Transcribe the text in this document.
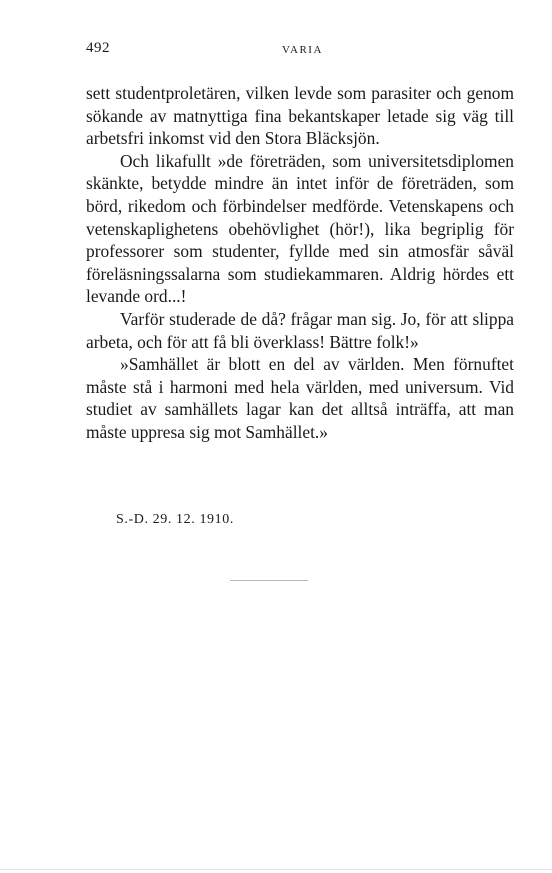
492	VARIA

sett studentproletären, vilken levde som parasiter och genom sökande av matnyttiga fina bekantskaper letade sig väg till arbetsfri inkomst vid den Stora Bläcksjön.

Och likafullt »de företräden, som universitetsdiplomen skänkte, betydde mindre än intet inför de företräden, som börd, rikedom och förbindelser medförde. Vetenskapens och vetenskaplighetens obehövlighet (hör!), lika begriplig för professorer som studenter, fyllde med sin atmosfär såväl föreläsningssalarna som studiekammaren. Aldrig hördes ett levande ord...!

Varför studerade de då? frågar man sig. Jo, för att slippa arbeta, och för att få bli överklass! Bättre folk!»

»Samhället är blott en del av världen. Men förnuftet måste stå i harmoni med hela världen, med universum. Vid studiet av samhällets lagar kan det alltså inträffa, att man måste uppresa sig mot Samhället.»

S.-D. 29. 12. 1910.
